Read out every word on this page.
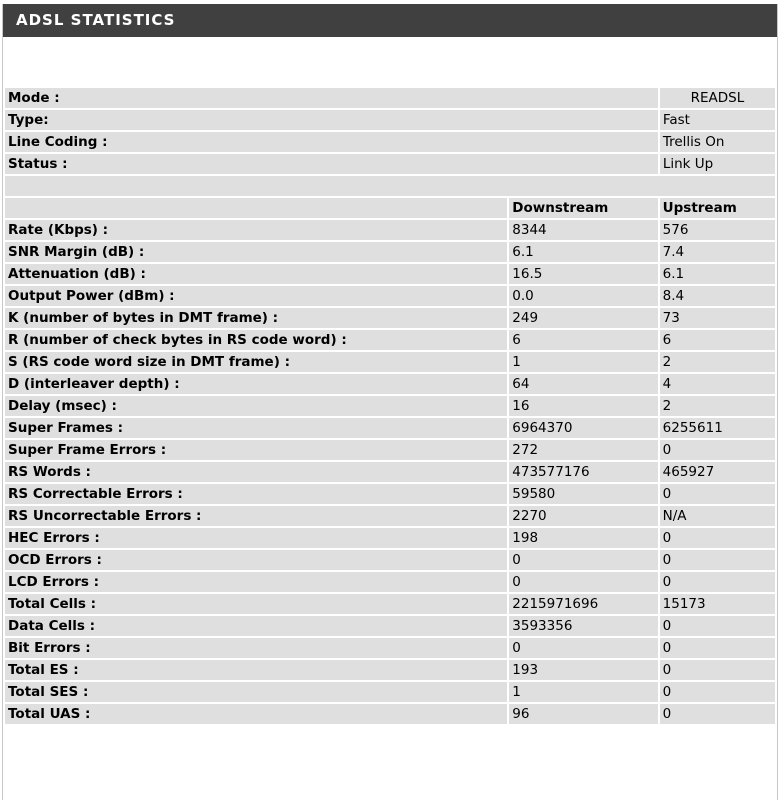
ADSL STATISTICS
Mode :	READSL
Type:	Fast
Line Coding :	Trellis On
Status :	Link Up

	Downstream	Upstream
Rate (Kbps) :	8344	576
SNR Margin (dB) :	6.1	7.4
Attenuation (dB) :	16.5	6.1
Output Power (dBm) :	0.0	8.4
K (number of bytes in DMT frame) :	249	73
R (number of check bytes in RS code word) :	6	6
S (RS code word size in DMT frame) :	1	2
D (interleaver depth) :	64	4
Delay (msec) :	16	2
Super Frames :	6964370	6255611
Super Frame Errors :	272	0
RS Words :	473577176	465927
RS Correctable Errors :	59580	0
RS Uncorrectable Errors :	2270	N/A
HEC Errors :	198	0
OCD Errors :	0	0
LCD Errors :	0	0
Total Cells :	2215971696	15173
Data Cells :	3593356	0
Bit Errors :	0	0
Total ES :	193	0
Total SES :	1	0
Total UAS :	96	0
